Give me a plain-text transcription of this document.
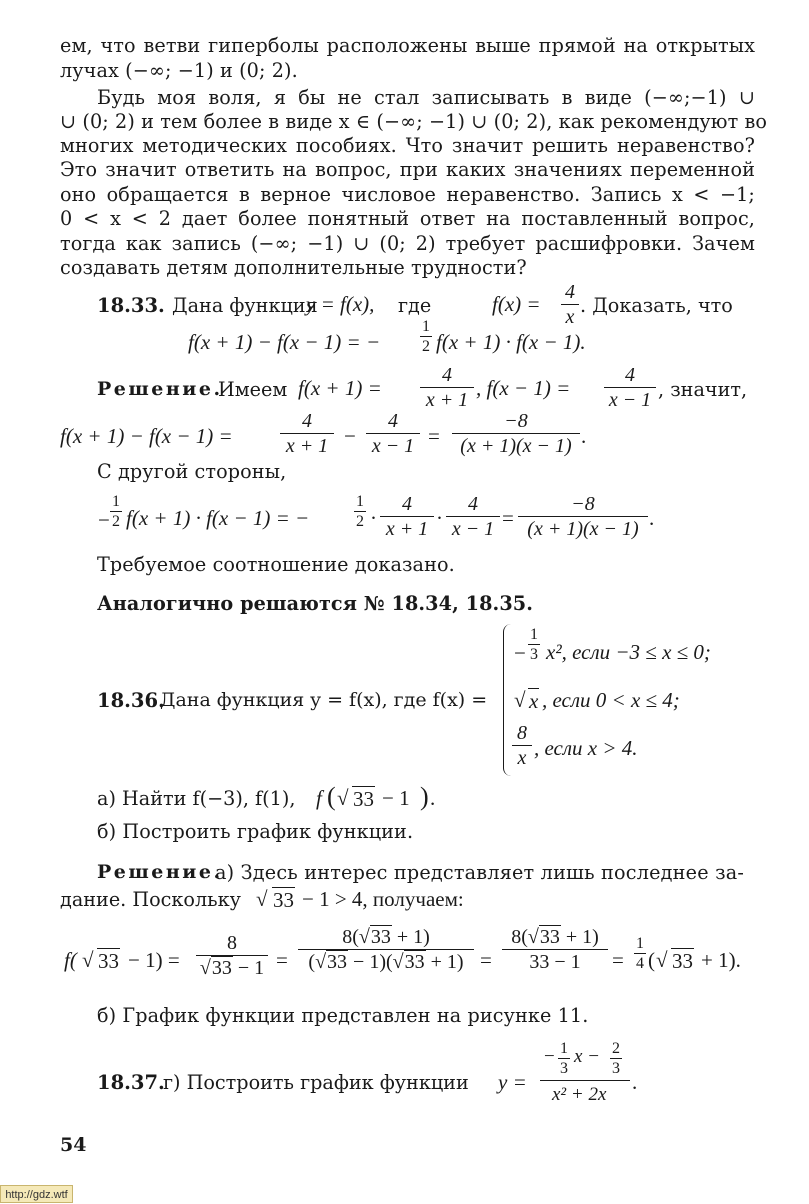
ем, что ветви гиперболы расположены выше прямой на открытых
лучах (−∞; −1) и (0; 2).
Будь моя воля, я бы не стал записывать в виде (−∞;−1) ∪
∪ (0; 2) и тем более в виде x ∈ (−∞; −1) ∪ (0; 2), как рекомендуют во
многих методических пособиях. Что значит решить неравенство?
Это значит ответить на вопрос, при каких значениях переменной
оно обращается в верное числовое неравенство. Запись x < −1;
0 < x < 2 дает более понятный ответ на поставленный вопрос,
тогда как запись (−∞; −1) ∪ (0; 2) требует расшифровки. Зачем
создавать детям дополнительные трудности?
18.33. Дана функция
y = f(x), где	f(x) = 4
x . Доказать, что
f(x + 1) − f(x − 1) = −
1
2 f(x + 1) · f(x − 1).
Решение.
Имеем f(x + 1) =
4
x + 1 , f(x − 1) =
4
x − 1 , значит,
f(x + 1) − f(x − 1) =
4
x + 1 −
4
x − 1 =
−8
(x + 1)(x − 1) .
С другой стороны,
−
1
2 f(x + 1) · f(x − 1) = −
1
2 ·
4
x + 1 ·
4
x − 1 =
−8
(x + 1)(x − 1) .
Требуемое соотношение доказано.
Аналогично решаются № 18.34, 18.35.
18.36.
Дана функция y = f(x), где f(x) =
−
1
3 x², если −3 ≤ x ≤ 0;
√ x , если 0 < x ≤ 4;
8
x , если x > 4.
а) Найти f(−3), f(1), f ( √ 33 − 1 ) .
б) Построить график функции.
Решение.
а) Здесь интерес представляет лишь последнее за-
дание. Поскольку √ 33 − 1 > 4, получаем:
f( √ 33 − 1) =
8
√33 − 1 =
8(√33 + 1)
(√33 − 1)(√33 + 1) =
8(√33 + 1)
33 − 1	=
1
4 ( √ 33 + 1).
б) График функции представлен на рисунке 11.
18.37.
г) Построить график функции y =
− 1
3
x − 2
3
x² + 2x
.
54
http://gdz.wtf
